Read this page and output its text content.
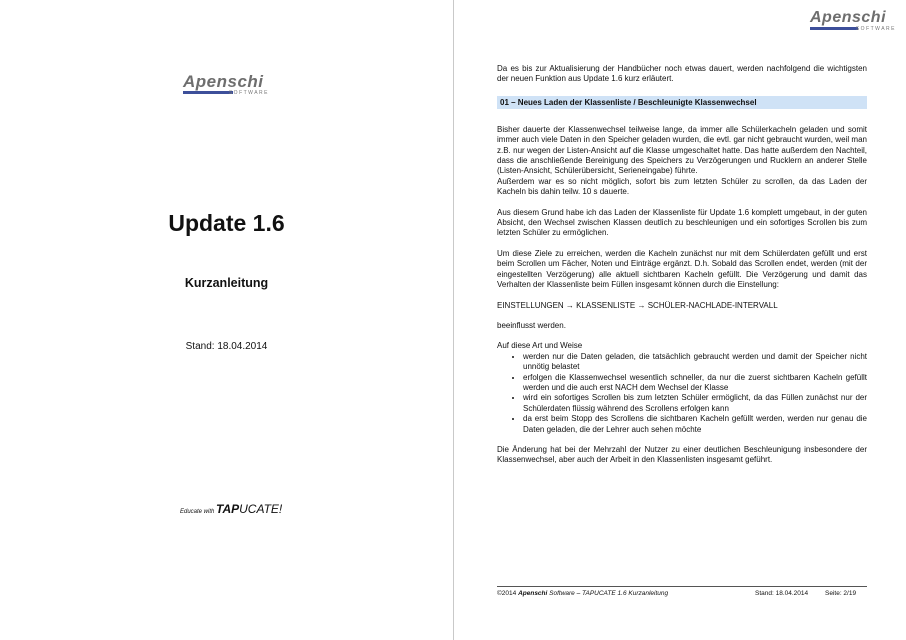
Apenschi
SOFTWARE
Update 1.6
Kurzanleitung
Stand: 18.04.2014
Educate with TAPUCATE!
Apenschi
SOFTWARE

Da es bis zur Aktualisierung der Handbücher noch etwas dauert, werden nachfolgend die wichtigsten der neuen Funktion aus Update 1.6 kurz erläutert.

01 – Neues Laden der Klassenliste / Beschleunigte Klassenwechsel

Bisher dauerte der Klassenwechsel teilweise lange, da immer alle Schülerkacheln geladen und somit immer auch viele Daten in den Speicher geladen wurden, die evtl. gar nicht gebraucht wurden, weil man z.B. nur wegen der Listen-Ansicht auf die Klasse umgeschaltet hatte. Das hatte außerdem den Nachteil, dass die anschließende Bereinigung des Speichers zu Verzögerungen und Rucklern an anderer Stelle (Listen-Ansicht, Schülerübersicht, Serieneingabe) führte.

Außerdem war es so nicht möglich, sofort bis zum letzten Schüler zu scrollen, da das Laden der Kacheln bis dahin teilw. 10 s dauerte.

Aus diesem Grund habe ich das Laden der Klassenliste für Update 1.6 komplett umgebaut, in der guten Absicht, den Wechsel zwischen Klassen deutlich zu beschleunigen und ein sofortiges Scrollen bis zum letzten Schüler zu ermöglichen.

Um diese Ziele zu erreichen, werden die Kacheln zunächst nur mit dem Schülerdaten gefüllt und erst beim Scrollen um Fächer, Noten und Einträge ergänzt. D.h. Sobald das Scrollen endet, werden (mit der eingestellten Verzögerung) alle aktuell sichtbaren Kacheln gefüllt. Die Verzögerung und damit das Verhalten der Klassenliste beim Füllen insgesamt können durch die Einstellung:

EINSTELLUNGEN → KLASSENLISTE → SCHÜLER-NACHLADE-INTERVALL

beeinflusst werden.

Auf diese Art und Weise

• werden nur die Daten geladen, die tatsächlich gebraucht werden und damit der Speicher nicht unnötig belastet
• erfolgen die Klassenwechsel wesentlich schneller, da nur die zuerst sichtbaren Kacheln gefüllt werden und die auch erst NACH dem Wechsel der Klasse
• wird ein sofortiges Scrollen bis zum letzten Schüler ermöglicht, da das Füllen zunächst nur der Schülerdaten flüssig während des Scrollens erfolgen kann
• da erst beim Stopp des Scrollens die sichtbaren Kacheln gefüllt werden, werden nur genau die Daten geladen, die der Lehrer auch sehen möchte

Die Änderung hat bei der Mehrzahl der Nutzer zu einer deutlichen Beschleunigung insbesondere der Klassenwechsel, aber auch der Arbeit in den Klassenlisten insgesamt geführt.

©2014 Apenschi Software – TAPUCATE 1.6 Kurzanleitung	Stand: 18.04.2014	Seite: 2/19
